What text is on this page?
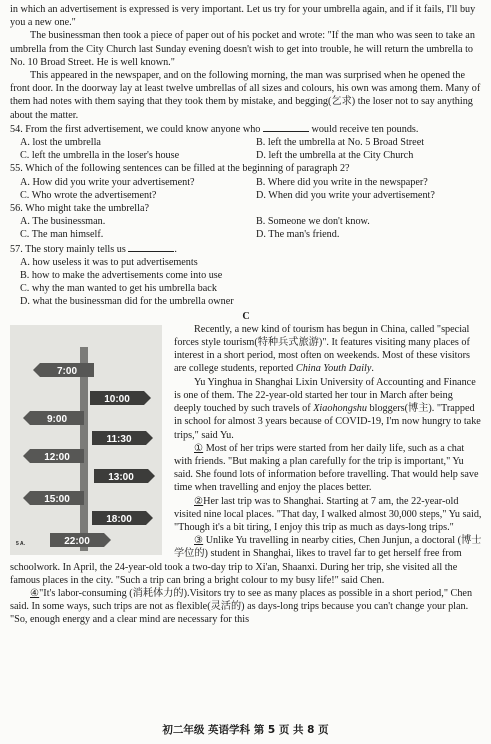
in which an advertisement is expressed is very important. Let us try for your umbrella again, and if it fails, I'll buy you a new one."

The businessman then took a piece of paper out of his pocket and wrote: "If the man who was seen to take an umbrella from the City Church last Sunday evening doesn't wish to get into trouble, he will return the umbrella to No. 10 Broad Street. He is well known."

This appeared in the newspaper, and on the following morning, the man was surprised when he opened the front door. In the doorway lay at least twelve umbrellas of all sizes and colours, his own was among them. Many of them had notes with them saying that they took them by mistake, and begging(乞求) the loser not to say anything about the matter.

54. From the first advertisement, we could know anyone who	would receive ten pounds.

A. lost the umbrella	B. left the umbrella at No. 5 Broad Street
C. left the umbrella in the loser's house	D. left the umbrella at the City Church

55. Which of the following sentences can be filled at the beginning of paragraph 2?

A. How did you write your advertisement?	B. Where did you write in the newspaper?
C. Who wrote the advertisement?	D. When did you write your advertisement?

56. Who might take the umbrella?

A. The businessman.	B. Someone we don't know.
C. The man himself.	D. The man's friend.

57. The story mainly tells us	.

A. how useless it was to put advertisements
B. how to make the advertisements come into use
C. why the man wanted to get his umbrella back
D. what the businessman did for the umbrella owner

C

7:00
10:00
9:00
11:30
12:00
13:00
15:00
18:00
22:00
5 A.

Recently, a new kind of tourism has begun in China, called "special forces style tourism(特种兵式旅游)". It features visiting many places of interest in a short period, most often on weekends. Most of these visitors are college students, reported China Youth Daily.

Yu Yinghua in Shanghai Lixin University of Accounting and Finance is one of them. The 22-year-old started her tour in March after being deeply touched by such travels of Xiaohongshu bloggers(博主). "Trapped in school for almost 3 years because of COVID-19, I'm now hungry to take trips," said Yu.

① Most of her trips were started from her daily life, such as a chat with friends. "But making a plan carefully for the trip is important," Yu said. She found lots of information before travelling. That would help save time when travelling and enjoy the places better.

②Her last trip was to Shanghai. Starting at 7 am, the 22-year-old visited nine local places. "That day, I walked almost 30,000 steps," Yu said, "Though it's a bit tiring, I enjoy this trip as much as days-long trips."

③ Unlike Yu travelling in nearby cities, Chen Junjun, a doctoral (博士学位的) student in Shanghai, likes to travel far to get herself free from schoolwork. In April, the 24-year-old took a two-day trip to Xi'an, Shaanxi. During her trip, she visited all the famous places in the city. "Such a trip can bring a bright colour to my busy life!" said Chen.

④"It's labor-consuming (消耗体力的).Visitors try to see as many places as possible in a short period," Chen said. In some ways, such trips are not as flexible(灵活的) as days-long trips because you can't change your plan. "So, enough energy and a clear mind are necessary for this

初二年级 英语学科 第 5 页 共 8 页
